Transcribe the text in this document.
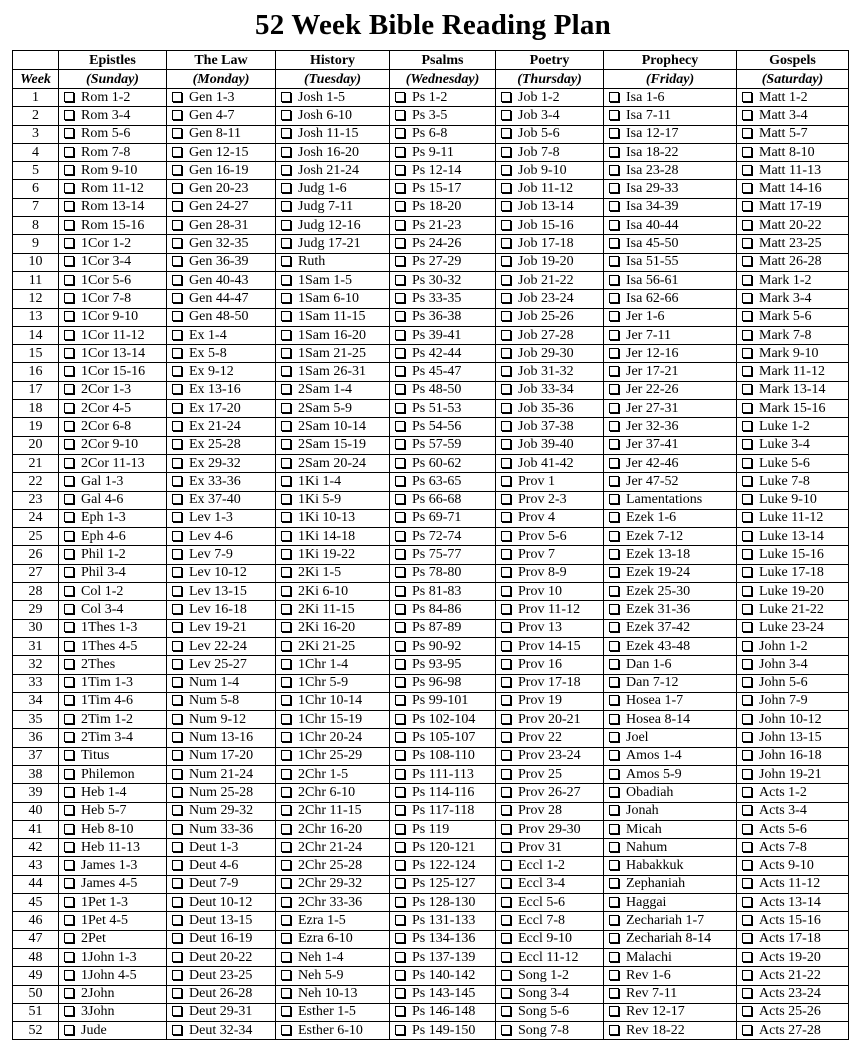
52 Week Bible Reading Plan
	Epistles	The Law	History	Psalms	Poetry	Prophecy	Gospels
Week	(Sunday)	(Monday)	(Tuesday)	(Wednesday)	(Thursday)	(Friday)	(Saturday)
1	Rom 1-2	Gen 1-3	Josh 1-5	Ps 1-2	Job 1-2	Isa 1-6	Matt 1-2
2	Rom 3-4	Gen 4-7	Josh 6-10	Ps 3-5	Job 3-4	Isa 7-11	Matt 3-4
3	Rom 5-6	Gen 8-11	Josh 11-15	Ps 6-8	Job 5-6	Isa 12-17	Matt 5-7
4	Rom 7-8	Gen 12-15	Josh 16-20	Ps 9-11	Job 7-8	Isa 18-22	Matt 8-10
5	Rom 9-10	Gen 16-19	Josh 21-24	Ps 12-14	Job 9-10	Isa 23-28	Matt 11-13
6	Rom 11-12	Gen 20-23	Judg 1-6	Ps 15-17	Job 11-12	Isa 29-33	Matt 14-16
7	Rom 13-14	Gen 24-27	Judg 7-11	Ps 18-20	Job 13-14	Isa 34-39	Matt 17-19
8	Rom 15-16	Gen 28-31	Judg 12-16	Ps 21-23	Job 15-16	Isa 40-44	Matt 20-22
9	1Cor 1-2	Gen 32-35	Judg 17-21	Ps 24-26	Job 17-18	Isa 45-50	Matt 23-25
10	1Cor 3-4	Gen 36-39	Ruth	Ps 27-29	Job 19-20	Isa 51-55	Matt 26-28
11	1Cor 5-6	Gen 40-43	1Sam 1-5	Ps 30-32	Job 21-22	Isa 56-61	Mark 1-2
12	1Cor 7-8	Gen 44-47	1Sam 6-10	Ps 33-35	Job 23-24	Isa 62-66	Mark 3-4
13	1Cor 9-10	Gen 48-50	1Sam 11-15	Ps 36-38	Job 25-26	Jer 1-6	Mark 5-6
14	1Cor 11-12	Ex 1-4	1Sam 16-20	Ps 39-41	Job 27-28	Jer 7-11	Mark 7-8
15	1Cor 13-14	Ex 5-8	1Sam 21-25	Ps 42-44	Job 29-30	Jer 12-16	Mark 9-10
16	1Cor 15-16	Ex 9-12	1Sam 26-31	Ps 45-47	Job 31-32	Jer 17-21	Mark 11-12
17	2Cor 1-3	Ex 13-16	2Sam 1-4	Ps 48-50	Job 33-34	Jer 22-26	Mark 13-14
18	2Cor 4-5	Ex 17-20	2Sam 5-9	Ps 51-53	Job 35-36	Jer 27-31	Mark 15-16
19	2Cor 6-8	Ex 21-24	2Sam 10-14	Ps 54-56	Job 37-38	Jer 32-36	Luke 1-2
20	2Cor 9-10	Ex 25-28	2Sam 15-19	Ps 57-59	Job 39-40	Jer 37-41	Luke 3-4
21	2Cor 11-13	Ex 29-32	2Sam 20-24	Ps 60-62	Job 41-42	Jer 42-46	Luke 5-6
22	Gal 1-3	Ex 33-36	1Ki 1-4	Ps 63-65	Prov 1	Jer 47-52	Luke 7-8
23	Gal 4-6	Ex 37-40	1Ki 5-9	Ps 66-68	Prov 2-3	Lamentations	Luke 9-10
24	Eph 1-3	Lev 1-3	1Ki 10-13	Ps 69-71	Prov 4	Ezek 1-6	Luke 11-12
25	Eph 4-6	Lev 4-6	1Ki 14-18	Ps 72-74	Prov 5-6	Ezek 7-12	Luke 13-14
26	Phil 1-2	Lev 7-9	1Ki 19-22	Ps 75-77	Prov 7	Ezek 13-18	Luke 15-16
27	Phil 3-4	Lev 10-12	2Ki 1-5	Ps 78-80	Prov 8-9	Ezek 19-24	Luke 17-18
28	Col 1-2	Lev 13-15	2Ki 6-10	Ps 81-83	Prov 10	Ezek 25-30	Luke 19-20
29	Col 3-4	Lev 16-18	2Ki 11-15	Ps 84-86	Prov 11-12	Ezek 31-36	Luke 21-22
30	1Thes 1-3	Lev 19-21	2Ki 16-20	Ps 87-89	Prov 13	Ezek 37-42	Luke 23-24
31	1Thes 4-5	Lev 22-24	2Ki 21-25	Ps 90-92	Prov 14-15	Ezek 43-48	John 1-2
32	2Thes	Lev 25-27	1Chr 1-4	Ps 93-95	Prov 16	Dan 1-6	John 3-4
33	1Tim 1-3	Num 1-4	1Chr 5-9	Ps 96-98	Prov 17-18	Dan 7-12	John 5-6
34	1Tim 4-6	Num 5-8	1Chr 10-14	Ps 99-101	Prov 19	Hosea 1-7	John 7-9
35	2Tim 1-2	Num 9-12	1Chr 15-19	Ps 102-104	Prov 20-21	Hosea 8-14	John 10-12
36	2Tim 3-4	Num 13-16	1Chr 20-24	Ps 105-107	Prov 22	Joel	John 13-15
37	Titus	Num 17-20	1Chr 25-29	Ps 108-110	Prov 23-24	Amos 1-4	John 16-18
38	Philemon	Num 21-24	2Chr 1-5	Ps 111-113	Prov 25	Amos 5-9	John 19-21
39	Heb 1-4	Num 25-28	2Chr 6-10	Ps 114-116	Prov 26-27	Obadiah	Acts 1-2
40	Heb 5-7	Num 29-32	2Chr 11-15	Ps 117-118	Prov 28	Jonah	Acts 3-4
41	Heb 8-10	Num 33-36	2Chr 16-20	Ps 119	Prov 29-30	Micah	Acts 5-6
42	Heb 11-13	Deut 1-3	2Chr 21-24	Ps 120-121	Prov 31	Nahum	Acts 7-8
43	James 1-3	Deut 4-6	2Chr 25-28	Ps 122-124	Eccl 1-2	Habakkuk	Acts 9-10
44	James 4-5	Deut 7-9	2Chr 29-32	Ps 125-127	Eccl 3-4	Zephaniah	Acts 11-12
45	1Pet 1-3	Deut 10-12	2Chr 33-36	Ps 128-130	Eccl 5-6	Haggai	Acts 13-14
46	1Pet 4-5	Deut 13-15	Ezra 1-5	Ps 131-133	Eccl 7-8	Zechariah 1-7	Acts 15-16
47	2Pet	Deut 16-19	Ezra 6-10	Ps 134-136	Eccl 9-10	Zechariah 8-14	Acts 17-18
48	1John 1-3	Deut 20-22	Neh 1-4	Ps 137-139	Eccl 11-12	Malachi	Acts 19-20
49	1John 4-5	Deut 23-25	Neh 5-9	Ps 140-142	Song 1-2	Rev 1-6	Acts 21-22
50	2John	Deut 26-28	Neh 10-13	Ps 143-145	Song 3-4	Rev 7-11	Acts 23-24
51	3John	Deut 29-31	Esther 1-5	Ps 146-148	Song 5-6	Rev 12-17	Acts 25-26
52	Jude	Deut 32-34	Esther 6-10	Ps 149-150	Song 7-8	Rev 18-22	Acts 27-28
